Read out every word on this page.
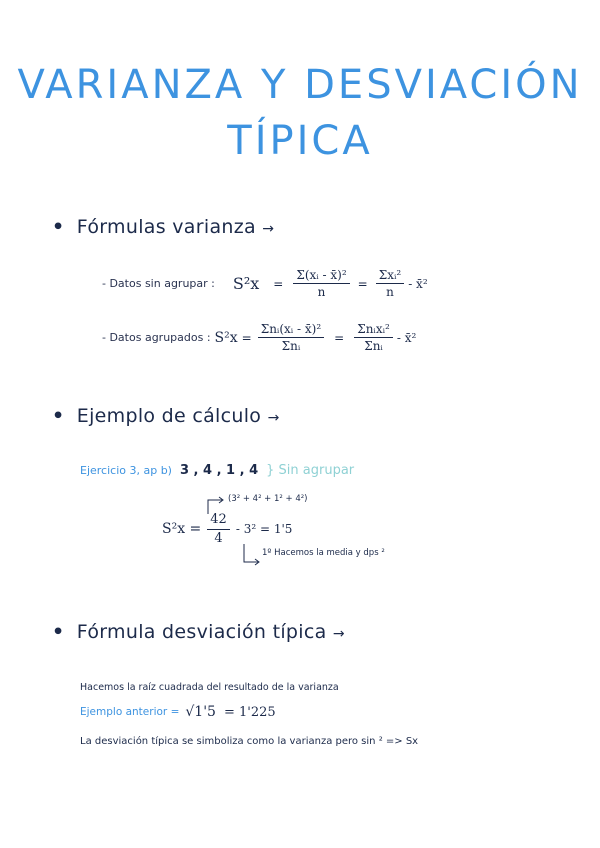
VARIANZA Y DESVIACIÓN
TÍPICA
• Fórmulas varianza →
- Datos sin agrupar : $S^2x = \frac{\text{Σ(xᵢ - x̄)²}}{n} = \frac{\text{Σxᵢ²}}{n}$ - x̄²
- Datos agrupados : $S^2x = \frac{\text{Σnᵢ(xᵢ - x̄)²}}{\text{Σnᵢ}} = \frac{\text{Σnᵢxᵢ²}}{\text{Σnᵢ}}$ - x̄²
• Ejemplo de cálculo →
Ejercicio 3, ap b) 3 , 4 , 1 , 4 } Sin agrupar
(3² + 4² + 1² + 4²)
$S^2x = \frac{42}{4} - 3^2 = 1'5$
1º Hacemos la media y dps ²
• Fórmula desviación típica →
Hacemos la raíz cuadrada del resultado de la varianza
Ejemplo anterior = √1'5 = 1'225
La desviación típica se simboliza como la varianza pero sin ² => Sx
